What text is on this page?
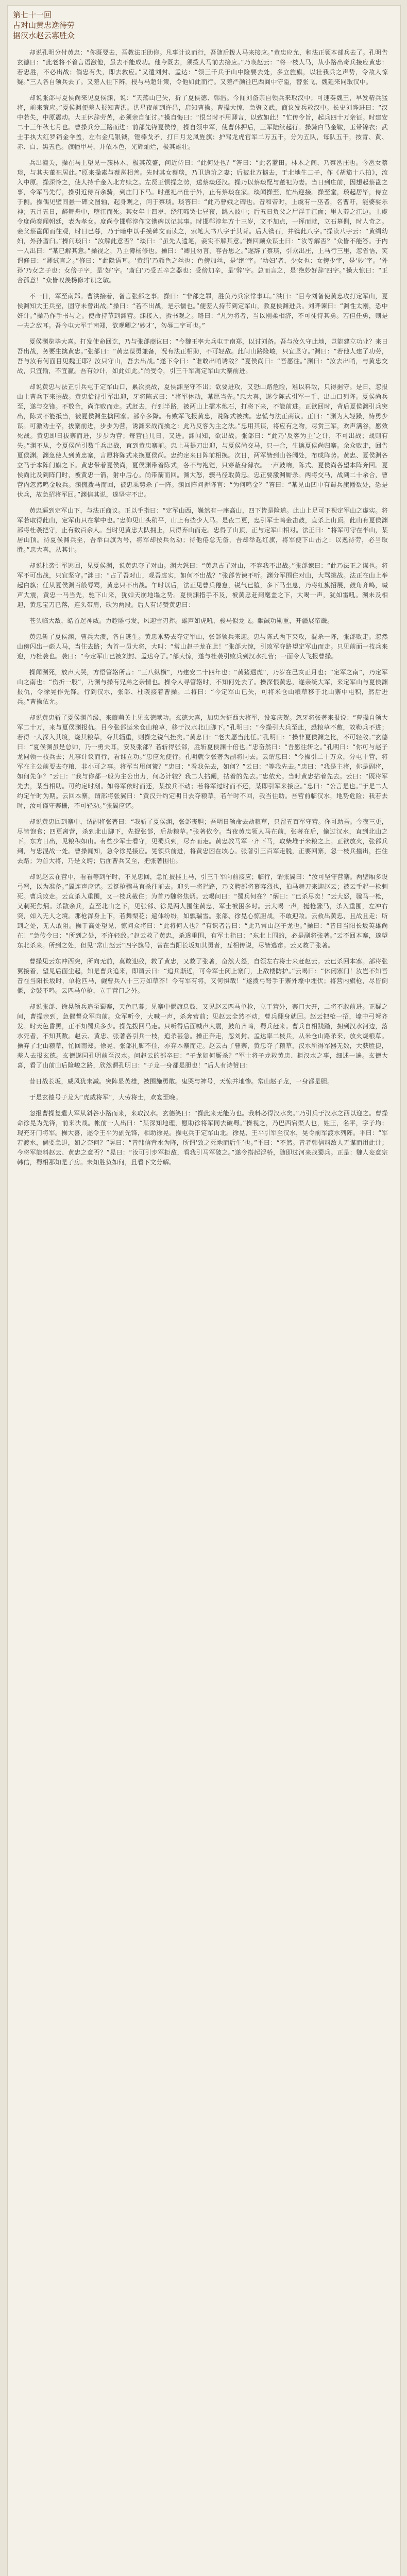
第七十一回
占对山黄忠逸待劳
据汉水赵云寡胜众

却说孔明分付黄忠：“你既要去，吾教法正助你。凡事计议而行，吾随后拨人马来接应。”黄忠应允，和法正领本部兵去了。孔明告玄德曰：“此老将不着言语激他，虽去不能成功。他今既去，须拨人马前去接应。”乃唤赵云：“将一枝人马，从小路出奇兵接应黄忠：若忠胜，不必出战；倘忠有失，即去救应。”又遣刘封、孟达：“领三千兵于山中险要去处，多立旌旗，以壮我兵之声势，令敌人惊疑。”三人各自领兵去了。又差人往下辨，授与马超计策，令他如此而行。又差严颜往巴西阆中守隘，替张飞、魏延来同取汉中。

却说张郃与夏侯尚来见夏侯渊，说：“天荡山已失，折了夏侯德、韩浩。今闻刘备亲自领兵来取汉中；可速奏魏王，早发精兵猛将，前来策应。”夏侯渊便差人报知曹洪。洪星夜前到许昌，启知曹操。曹操大惊，急聚文武，商议发兵救汉中。长史刘晔进曰：“汉中若失，中原震动。大王休辞劳苦，必须亲自征讨。”操自悔曰：“恨当时不用卿言，以致如此！”忙传令旨，起兵四十万亲征。时建安二十三年秋七月也。曹操兵分三路而进：前部先锋夏侯惇，操自领中军，使曹休押后，三军陆续起行。操骑白马金鞍，玉带锦衣；武士手执大红罗销金伞盖，左右金瓜银钺，镫棒戈矛，打日月龙凤旌旗；护驾龙虎官军二万五千，分为五队，每队五千，按青、黄、赤、白、黑五色。旗幡甲马，并依本色，光辉灿烂，极其雄壮。

兵出潼关，操在马上望见一簇林木，极其茂盛，问近侍曰：“此何处也？”答曰：“此名蓝田。林木之间，乃蔡邕庄也。今邕女蔡琰，与其夫董祀居此。”原来操素与蔡邕相善。先时其女蔡琰，乃卫道玠之妻；后被北方掳去，于北地生二子，作《胡笳十八拍》，流入中原。操深怜之，使人持千金入北方赎之。左贤王惧操之势，送蔡琰还汉。操乃以蔡琰配与董祀为妻。当日到庄前，因想起蔡邕之事，令军马先行，操引近侍百余骑，到庄门下马。时董祀出仕于外，止有蔡琰在家。琰闻操至，忙出迎接。操至堂，琰起居毕，侍立于侧。操偶见壁间悬一碑文图轴，起身观之，问于蔡琰。琰答曰：“此乃曹娥之碑也。昔和帝时，上虞有一巫者，名曹旴，能婆娑乐神；五月五日，醉舞舟中，堕江而死。其女年十四岁，绕江啼哭七昼夜，跳入波中；后五日负父之尸浮于江面；里人葬之江边。上虞令度尚奏闻朝廷，表为孝女。度尚令邯郸淳作文镌碑以记其事。时邯郸淳年方十三岁，文不加点，一挥而就，立石墓侧，时人奇之。妾父蔡邕闻而往观，时日已暮，乃于暗中以手摸碑文而读之，索笔大书八字于其背。后人镌石，并镌此八字。”操读八字云：“黄绢幼妇，外孙齑臼。”操问琰曰：“汝解此意否？”琰曰：“虽先人遗笔，妾实不解其意。”操回顾众谋士曰：“汝等解否？”众皆不能答。于内一人出曰：“某已解其意。”操视之，乃主簿杨修也。操曰：“卿且勿言，容吾思之。”遂辞了蔡琰，引众出庄，上马行三里，忽省悟，笑谓修曰：“卿试言之。”修曰：“此隐语耳。‘黄绢’乃颜色之丝也：色傍加丝，是‘绝’字。‘幼妇’者，少女也：女傍少字，是‘妙’字。‘外孙’乃女之子也：女傍子字，是‘好’字。‘齑臼’乃受五辛之器也：受傍加辛，是‘辤’字。总而言之，是‘绝妙好辞’四字。”操大惊曰：“正合孤意！”众皆叹羡杨修才识之敏。

不一日，军至南郑。曹洪接着，备言张郃之事。操曰：“非郃之罪，胜负乃兵家常事耳。”洪曰：“目今刘备使黄忠攻打定军山，夏侯渊知大王兵至，固守未曾出战。”操曰：“若不出战，是示懦也。”便差人持节到定军山，教夏侯渊进兵。刘晔谏曰：“渊性太刚，恐中奸计。”操乃作手书与之。使命持节到渊营。渊接入，拆书观之。略曰：“凡为将者，当以刚柔相济，不可徒恃其勇。若但任勇，则是一夫之敌耳。吾今屯大军于南郑，欲观卿之‘妙才’，勿辱二字可也。”

夏侯渊览毕大喜。打发使命回讫，乃与张郃商议曰：“今魏王率大兵屯于南郑，以讨刘备。吾与汝久守此地，岂能建立功业？来日吾出战，务要生擒黄忠。”张郃曰：“黄忠谋勇兼备，况有法正相助，不可轻敌。此间山路险峻，只宜坚守。”渊曰：“若他人建了功劳，吾与汝有何面目见魏王耶？汝只守山，吾去出战。”遂下令曰：“谁敢出哨诱敌？”夏侯尚曰：“吾愿往。”渊曰：“汝去出哨，与黄忠交战，只宜输，不宜赢。吾有妙计，如此如此。”尚受令，引三千军离定军山大寨前进。

却说黄忠与法正引兵屯于定军山口，累次挑战，夏侯渊坚守不出；欲要进攻，又恐山路危险，难以料敌，只得据守。是日，忽报山上曹兵下来搦战。黄忠恰待引军出迎，牙将陈式曰：“将军休动，某愿当先。”忠大喜，遂令陈式引军一千，出山口列阵。夏侯尚兵至，遂与交锋。不数合，尚诈败而走。式赶去，行到半路，被两山上擂木炮石，打将下来，不能前进。正欲回时，背后夏侯渊引兵突出，陈式不能抵当，被夏侯渊生擒回寨。部卒多降。有败军飞报黄忠，说陈式被擒。忠慌与法正商议。正曰：“渊为人轻躁，恃勇少谋。可激劝士卒，拔寨前进，步步为营，诱渊来战而擒之：此乃反客为主之法。”忠用其谋，将应有之物，尽赏三军，欢声满谷，愿效死战。黄忠即日拔寨而进，步步为营；每营住几日，又进。渊闻知，欲出战。张郃曰：“此乃‘反客为主’之计，不可出战；战则有失。”渊不从，令夏侯尚引数千兵出战，直到黄忠寨前。忠上马提刀出迎，与夏侯尚交马，只一合，生擒夏侯尚归寨。余众败走，回告夏侯渊。渊急使人到黄忠寨，言愿将陈式来换夏侯尚。忠约定来日阵前相换。次日，两军皆到山谷阔处，布成阵势。黄忠、夏侯渊各立马于本阵门旗之下。黄忠带着夏侯尚，夏侯渊带着陈式，各不与袍铠，只穿蔽身薄衣。一声鼓响，陈式、夏侯尚各望本阵奔回。夏侯尚比及到阵门时，被黄忠一箭，射中后心。尚带箭而回。渊大怒，骤马径取黄忠。忠正要激渊厮杀。两将交马，战到二十余合，曹营内忽然鸣金收兵。渊慌拨马而回，被忠乘势杀了一阵。渊回阵问押阵官：“为何鸣金？”答曰：“某见山凹中有蜀兵旗幡数处，恐是伏兵，故急招将军回。”渊信其说，遂坚守不出。

黄忠逼到定军山下，与法正商议。正以手指曰：“定军山西，巍然有一座高山，四下皆是险道。此山上足可下视定军山之虚实。将军若取得此山，定军山只在掌中也。”忠仰见山头稍平，山上有些少人马。是夜二更，忠引军士鸣金击鼓，直杀上山顶。此山有夏侯渊部将杜袭把守，止有数百余人。当时见黄忠大队拥上，只得弃山而走。忠得了山顶，正与定军山相对。法正曰：“将军可守在半山，某居山顶。待夏侯渊兵至，吾举白旗为号，将军却按兵勿动；待他倦怠无备，吾却举起红旗，将军便下山击之：以逸待劳，必当取胜。”忠大喜，从其计。

却说杜袭引军逃回，见夏侯渊，说黄忠夺了对山。渊大怒曰：“黄忠占了对山，不容我不出战。”张郃谏曰：“此乃法正之谋也。将军不可出战，只宜坚守。”渊曰：“占了吾对山，观吾虚实，如何不出战？”张郃苦谏不听。渊分军围住对山，大骂挑战。法正在山上举起白旗；任从夏侯渊百般辱骂，黄忠只不出战。午时以后，法正见曹兵倦怠，锐气已堕，多下马坐息，乃将红旗招展，鼓角齐鸣，喊声大震，黄忠一马当先，驰下山来，犹如天崩地塌之势。夏侯渊措手不及，被黄忠赶到麾盖之下，大喝一声，犹如雷吼。渊未及相迎，黄忠宝刀已落，连头带肩，砍为两段。后人有诗赞黄忠曰：

苍头临大敌，皓首逞神威。力趁雕弓发，风迎雪刃挥。雄声如虎吼，骏马似龙飞。献馘功勋重，开疆展帝畿。

黄忠斩了夏侯渊，曹兵大溃，各自逃生。黄忠乘势去夺定军山，张郃领兵来迎。忠与陈式两下夹攻，混杀一阵，张郃败走。忽然山傍闪出一彪人马，当住去路；为首一员大将，大叫：“常山赵子龙在此！”张郃大惊，引败军夺路望定军山而走。只见前面一枝兵来迎，乃杜袭也。袭曰：“今定军山已被刘封、孟达夺了。”郃大惊，遂与杜袭引败兵到汉水扎营；一面令人飞报曹操。

操闻渊死，放声大哭，方悟管辂所言：“三八纵横”，乃建安二十四年也；“黄猪遇虎”，乃岁在己亥正月也；“定军之南”，乃定军山之南也；“伤折一股”，乃渊与操有兄弟之亲情也。操令人寻管辂时，不知何处去了。操深恨黄忠，遂亲统大军，来定军山与夏侯渊报仇，令徐晃作先锋。行到汉水，张郃、杜袭接着曹操。二将曰：“今定军山已失，可将米仓山粮草移于北山寨中屯积，然后进兵。”曹操依允。

却说黄忠斩了夏侯渊首级，来葭萌关上见玄德献功。玄德大喜，加忠为征西大将军，设宴庆贺。忽牙将张著来报说：“曹操自领大军二十万，来与夏侯渊报仇。目今张郃运米仓山粮草，移于汉水北山脚下。”孔明曰：“今操引大兵至此，恐粮草不敷，故勒兵不进；若得一人深入其境，烧其粮草，夺其辎重，则操之锐气挫矣。”黄忠曰：“老夫愿当此任。”孔明曰：“操非夏侯渊之比，不可轻敌。”玄德曰：“夏侯渊虽是总帅，乃一勇夫耳，安及张郃？若斩得张郃，胜斩夏侯渊十倍也。”忠奋然曰：“吾愿往斩之。”孔明曰：“你可与赵子龙同领一枝兵去；凡事计议而行，看谁立功。”忠应允便行。孔明就令张著为副将同去。云谓忠曰：“今操引二十万众，分屯十营，将军在主公前要去夺粮，非小可之事。将军当用何策？”忠曰：“看我先去，如何？”云曰：“等我先去。”忠曰：“我是主将，你是副将，如何先争？”云曰：“我与你都一般为主公出力，何必计较？我二人拈阄，拈着的先去。”忠依允。当时黄忠拈着先去。云曰：“既将军先去，某当相助。可约定时刻。如将军依时而还，某按兵不动；若将军过时而不还，某即引军来接应。”忠曰：“公言是也。”于是二人约定午时为期。云回本寨，谓部将张翼曰：“黄汉升约定明日去夺粮草，若午时不回，我当往助。吾营前临汉水，地势危险；我若去时，汝可谨守寨栅，不可轻动。”张翼应诺。

却说黄忠回到寨中，谓副将张著曰：“我斩了夏侯渊，张郃丧胆；吾明日领命去劫粮草，只留五百军守营。你可助吾。今夜三更，尽皆饱食；四更离营，杀到北山脚下，先捉张郃，后劫粮草。”张著依令。当夜黄忠领人马在前，张著在后，偷过汉水，直到北山之下。东方日出，见粮积如山。有些少军士看守，见蜀兵到，尽弃而走。黄忠教马军一齐下马，取柴堆于米粮之上。正欲放火，张郃兵到，与忠混战一处。曹操闻知，急令徐晃接应。晃领兵前进，将黄忠困在垓心。张著引三百军走脱，正要回寨，忽一枝兵撞出，拦住去路；为首大将，乃是文聘；后面曹兵又至，把张著围住。

却说赵云在营中，看看等到午时，不见忠回，急忙披挂上马，引三千军向前接应；临行，谓张翼曰：“汝可坚守营寨。两壁厢多设弓弩，以为准备。”翼连声应诺。云挺枪骤马直杀往前去。迎头一将拦路，乃文聘部将慕容烈也，拍马舞刀来迎赵云；被云手起一枪刺死。曹兵败走。云直杀入重围，又一枝兵截住；为首乃魏将焦炳。云喝问曰：“蜀兵何在？”炳曰：“已杀尽矣！”云大怒，骤马一枪，又刺死焦炳。杀散余兵，直至北山之下，见张郃、徐晃两人围住黄忠，军士被困多时。云大喝一声，挺枪骤马，杀入重围，左冲右突，如入无人之境。那枪浑身上下，若舞梨花；遍体纷纷，如飘瑞雪。张郃、徐晃心惊胆战，不敢迎敌。云救出黄忠，且战且走；所到之处，无人敢阻。操于高处望见，惊问众将曰：“此将何人也？”有识者告曰：“此乃常山赵子龙也。”操曰：“昔日当阳长坂英雄尚在！”急传令曰：“所到之处，不许轻敌。”赵云救了黄忠，杀透重围，有军士指曰：“东北上围的，必是副将张著。”云不回本寨，遂望东北杀来。所到之处，但见“常山赵云”四字旗号，曾在当阳长坂知其勇者，互相传说，尽皆逃窜。云又救了张著。

曹操见云东冲西突，所向无前，莫敢迎敌，救了黄忠，又救了张著，奋然大怒，自领左右将士来赶赵云。云已杀回本寨。部将张翼接着，望见后面尘起，知是曹兵追来，即谓云曰：“追兵渐近，可令军士闭上寨门，上敌楼防护。”云喝曰：“休闭寨门！汝岂不知吾昔在当阳长坂时，单枪匹马，觑曹兵八十三万如草芥！今有军有将，又何惧哉！”遂拨弓弩手于寨外壕中埋伏；将营内旗枪，尽皆倒偃，金鼓不鸣。云匹马单枪，立于营门之外。

却说张郃、徐晃领兵追至蜀寨，天色已暮；见寨中偃旗息鼓，又见赵云匹马单枪，立于营外，寨门大开，二将不敢前进。正疑之间，曹操亲到，急催督众军向前。众军听令，大喊一声，杀奔营前；见赵云全然不动，曹兵翻身就回。赵云把枪一招，壕中弓弩齐发。时天色昏黑，正不知蜀兵多少。操先拨回马走。只听得后面喊声大震，鼓角齐鸣，蜀兵赶来。曹兵自相践踏，拥到汉水河边，落水死者，不知其数。赵云、黄忠、张著各引兵一枝，追杀甚急。操正奔走，忽刘封、孟达率二枝兵，从米仓山路杀来，放火烧粮草。操弃了北山粮草，忙回南郑。徐晃、张郃扎脚不住，亦弃本寨而走。赵云占了曹寨，黄忠夺了粮草，汉水所得军器无数，大获胜捷，差人去报玄德。玄德遂同孔明前至汉水。问赵云的部卒曰：“子龙如何厮杀？”军士将子龙救黄忠、拒汉水之事，细述一遍。玄德大喜，看了山前山后险峻之路，欣然谓孔明曰：“子龙一身都是胆也！”后人有诗赞曰：

昔日战长坂，威风犹未减。突阵显英雄，被围施勇敢。鬼哭与神号，天惊并地惨。常山赵子龙，一身都是胆。

于是玄德号子龙为“虎威将军”，大劳将士，欢宴至晚。

忽报曹操复遣大军从斜谷小路而来，来取汉水。玄德笑曰：“操此来无能为也。我料必得汉水矣。”乃引兵于汉水之西以迎之。曹操命徐晃为先锋，前来决战。帐前一人出曰：“某深知地理，愿助徐将军同去破蜀。”操视之，乃巴西宕渠人也，姓王，名平，字子均；现充牙门将军。操大喜，遂令王平为副先锋，相助徐晃。操屯兵于定军山北。徐晃、王平引军至汉水，晃令前军渡水列阵。平曰：“军若渡水，倘要急退，如之奈何？”晃曰：“昔韩信背水为阵，所谓‘致之死地而后生’也。”平曰：“不然。昔者韩信料敌人无谋而用此计；今将军能料赵云、黄忠之意否？”晃曰：“汝可引步军拒敌，看我引马军破之。”遂令搭起浮桥，随即过河来战蜀兵。正是：魏人妄意宗韩信，蜀相那知是子房。未知胜负如何，且看下文分解。
